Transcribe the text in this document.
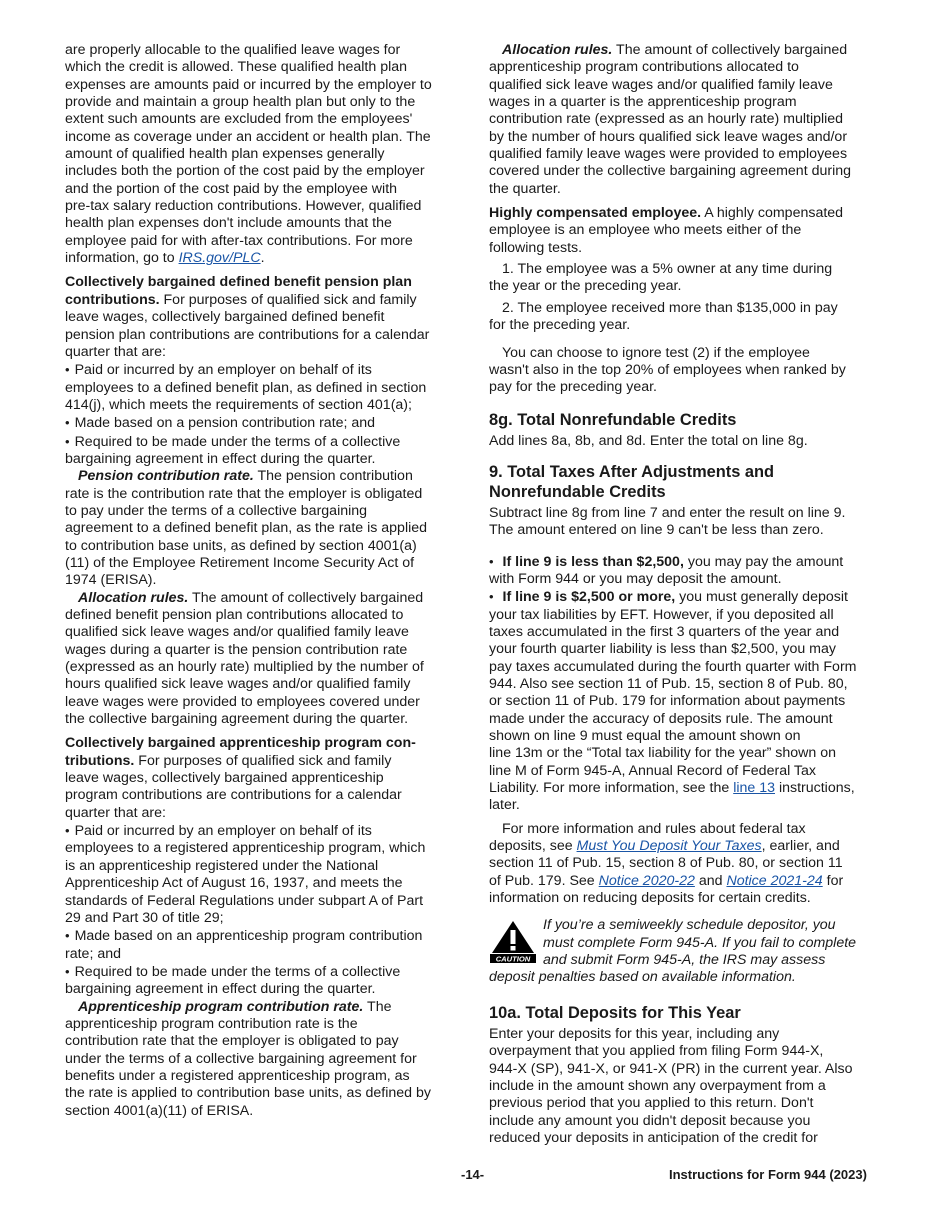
are properly allocable to the qualified leave wages for
which the credit is allowed. These qualified health plan
expenses are amounts paid or incurred by the employer to
provide and maintain a group health plan but only to the
extent such amounts are excluded from the employees'
income as coverage under an accident or health plan. The
amount of qualified health plan expenses generally
includes both the portion of the cost paid by the employer
and the portion of the cost paid by the employee with
pre-tax salary reduction contributions. However, qualified
health plan expenses don't include amounts that the
employee paid for with after-tax contributions. For more
information, go to IRS.gov/PLC.

Collectively bargained defined benefit pension plan
contributions. For purposes of qualified sick and family
leave wages, collectively bargained defined benefit
pension plan contributions are contributions for a calendar
quarter that are:

• Paid or incurred by an employer on behalf of its
employees to a defined benefit plan, as defined in section
414(j), which meets the requirements of section 401(a);

• Made based on a pension contribution rate; and

• Required to be made under the terms of a collective
bargaining agreement in effect during the quarter.

Pension contribution rate. The pension contribution
rate is the contribution rate that the employer is obligated
to pay under the terms of a collective bargaining
agreement to a defined benefit plan, as the rate is applied
to contribution base units, as defined by section 4001(a)
(11) of the Employee Retirement Income Security Act of
1974 (ERISA).

Allocation rules. The amount of collectively bargained
defined benefit pension plan contributions allocated to
qualified sick leave wages and/or qualified family leave
wages during a quarter is the pension contribution rate
(expressed as an hourly rate) multiplied by the number of
hours qualified sick leave wages and/or qualified family
leave wages were provided to employees covered under
the collective bargaining agreement during the quarter.

Collectively bargained apprenticeship program con-
tributions. For purposes of qualified sick and family
leave wages, collectively bargained apprenticeship
program contributions are contributions for a calendar
quarter that are:

• Paid or incurred by an employer on behalf of its
employees to a registered apprenticeship program, which
is an apprenticeship registered under the National
Apprenticeship Act of August 16, 1937, and meets the
standards of Federal Regulations under subpart A of Part
29 and Part 30 of title 29;

• Made based on an apprenticeship program contribution
rate; and

• Required to be made under the terms of a collective
bargaining agreement in effect during the quarter.

Apprenticeship program contribution rate. The
apprenticeship program contribution rate is the
contribution rate that the employer is obligated to pay
under the terms of a collective bargaining agreement for
benefits under a registered apprenticeship program, as
the rate is applied to contribution base units, as defined by
section 4001(a)(11) of ERISA.

Allocation rules. The amount of collectively bargained
apprenticeship program contributions allocated to
qualified sick leave wages and/or qualified family leave
wages in a quarter is the apprenticeship program
contribution rate (expressed as an hourly rate) multiplied
by the number of hours qualified sick leave wages and/or
qualified family leave wages were provided to employees
covered under the collective bargaining agreement during
the quarter.

Highly compensated employee. A highly compensated
employee is an employee who meets either of the
following tests.

1. The employee was a 5% owner at any time during
the year or the preceding year.

2. The employee received more than $135,000 in pay
for the preceding year.

You can choose to ignore test (2) if the employee
wasn't also in the top 20% of employees when ranked by
pay for the preceding year.

8g. Total Nonrefundable Credits

Add lines 8a, 8b, and 8d. Enter the total on line 8g.

9. Total Taxes After Adjustments and
Nonrefundable Credits

Subtract line 8g from line 7 and enter the result on line 9.
The amount entered on line 9 can't be less than zero.

• If line 9 is less than $2,500, you may pay the amount
with Form 944 or you may deposit the amount.

• If line 9 is $2,500 or more, you must generally deposit
your tax liabilities by EFT. However, if you deposited all
taxes accumulated in the first 3 quarters of the year and
your fourth quarter liability is less than $2,500, you may
pay taxes accumulated during the fourth quarter with Form
944. Also see section 11 of Pub. 15, section 8 of Pub. 80,
or section 11 of Pub. 179 for information about payments
made under the accuracy of deposits rule. The amount
shown on line 9 must equal the amount shown on
line 13m or the “Total tax liability for the year” shown on
line M of Form 945-A, Annual Record of Federal Tax
Liability. For more information, see the line 13 instructions,
later.

For more information and rules about federal tax
deposits, see Must You Deposit Your Taxes, earlier, and
section 11 of Pub. 15, section 8 of Pub. 80, or section 11
of Pub. 179. See Notice 2020-22 and Notice 2021-24 for
information on reducing deposits for certain credits.

CAUTION
If you’re a semiweekly schedule depositor, you
must complete Form 945-A. If you fail to complete
and submit Form 945-A, the IRS may assess
deposit penalties based on available information.
10a. Total Deposits for This Year

Enter your deposits for this year, including any
overpayment that you applied from filing Form 944-X,
944-X (SP), 941-X, or 941-X (PR) in the current year. Also
include in the amount shown any overpayment from a
previous period that you applied to this return. Don't
include any amount you didn't deposit because you
reduced your deposits in anticipation of the credit for

-14-	Instructions for Form 944 (2023)
